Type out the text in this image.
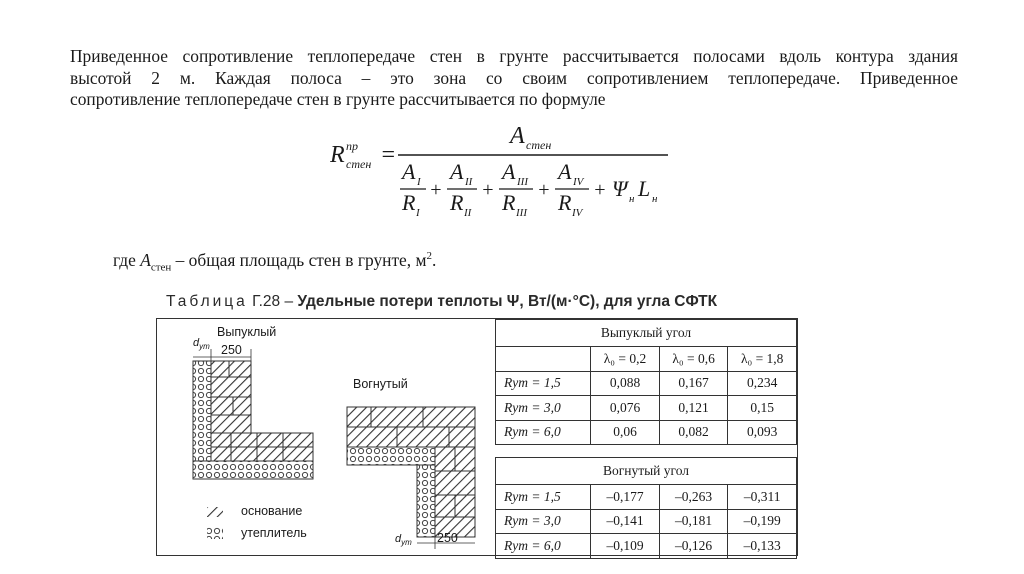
Приведенное сопротивление теплопередаче стен в грунте рассчитывается полосами вдоль контура здания
высотой 2 м. Каждая полоса – это зона со своим сопротивлением теплопередаче. Приведенное
сопротивление теплопередаче стен в грунте рассчитывается по формуле
R пр
стен =
A стен
A I
R I
+
A II
R II
+
A III
R III
+
A IV
R IV
+ Ψ н L н
где $A_{стен}$ – общая площадь стен в грунте, $м^2$.
Таблица Г.28 – Удельные потери теплоты Ψ, Вт/(м·°С), для угла СФТК
Выпуклый
Вогнутый
250
250
$d_{ут}$
$d_{ут}$
основание
утеплитель
Выпуклый угол			
	λ₀ = 0,2	λ₀ = 0,6	λ₀ = 1,8
Rут = 1,5	0,088	0,167	0,234
Rут = 3,0	0,076	0,121	0,15
Rут = 6,0	0,06	0,082	0,093

Вогнутый угол			
Rут = 1,5	–0,177	–0,263	–0,311
Rут = 3,0	–0,141	–0,181	–0,199
Rут = 6,0	–0,109	–0,126	–0,133
